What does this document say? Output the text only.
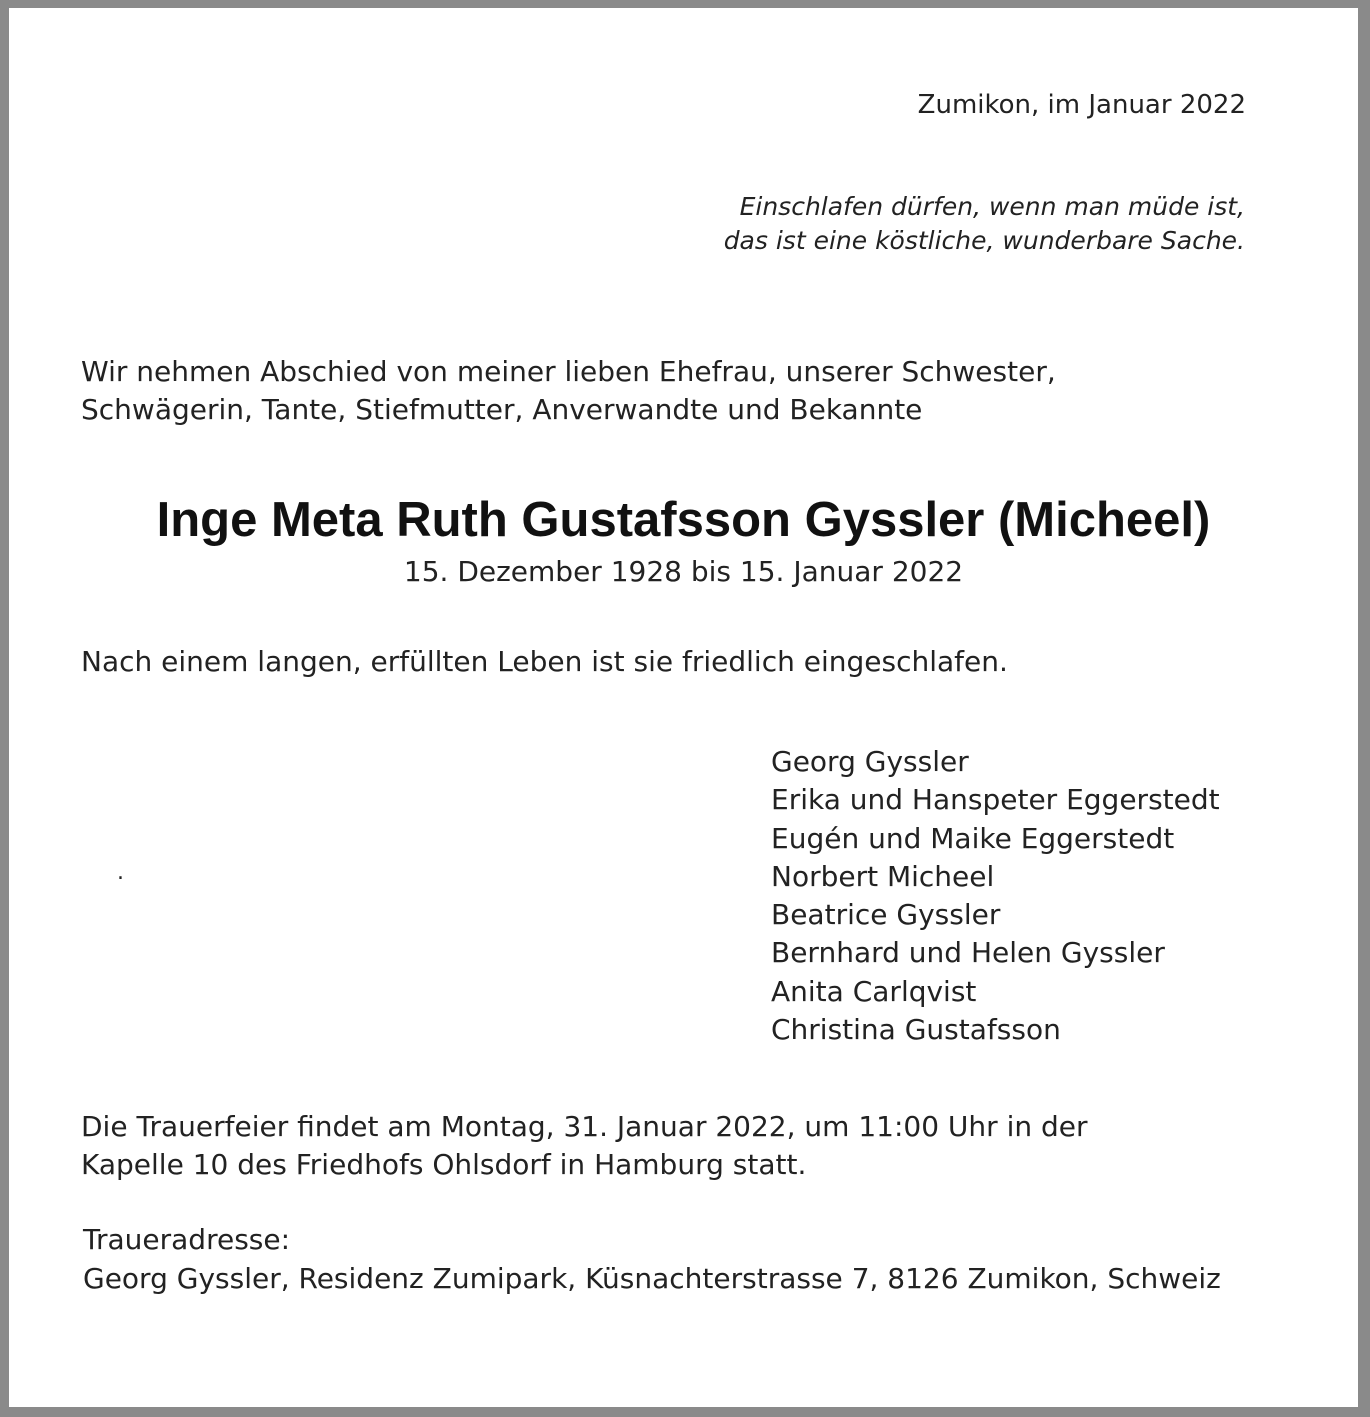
Zumikon, im Januar 2022
Einschlafen dürfen, wenn man müde ist,
das ist eine köstliche, wunderbare Sache.
Wir nehmen Abschied von meiner lieben Ehefrau, unserer Schwester,
Schwägerin, Tante, Stiefmutter, Anverwandte und Bekannte
Inge Meta Ruth Gustafsson Gyssler (Micheel)
15. Dezember 1928 bis 15. Januar 2022
Nach einem langen, erfüllten Leben ist sie friedlich eingeschlafen.
.
Georg Gyssler
Erika und Hanspeter Eggerstedt
Eugén und Maike Eggerstedt
Norbert Micheel
Beatrice Gyssler
Bernhard und Helen Gyssler
Anita Carlqvist
Christina Gustafsson
Die Trauerfeier findet am Montag, 31. Januar 2022, um 11:00 Uhr in der
Kapelle 10 des Friedhofs Ohlsdorf in Hamburg statt.
Traueradresse:
Georg Gyssler, Residenz Zumipark, Küsnachterstrasse 7, 8126 Zumikon, Schweiz
